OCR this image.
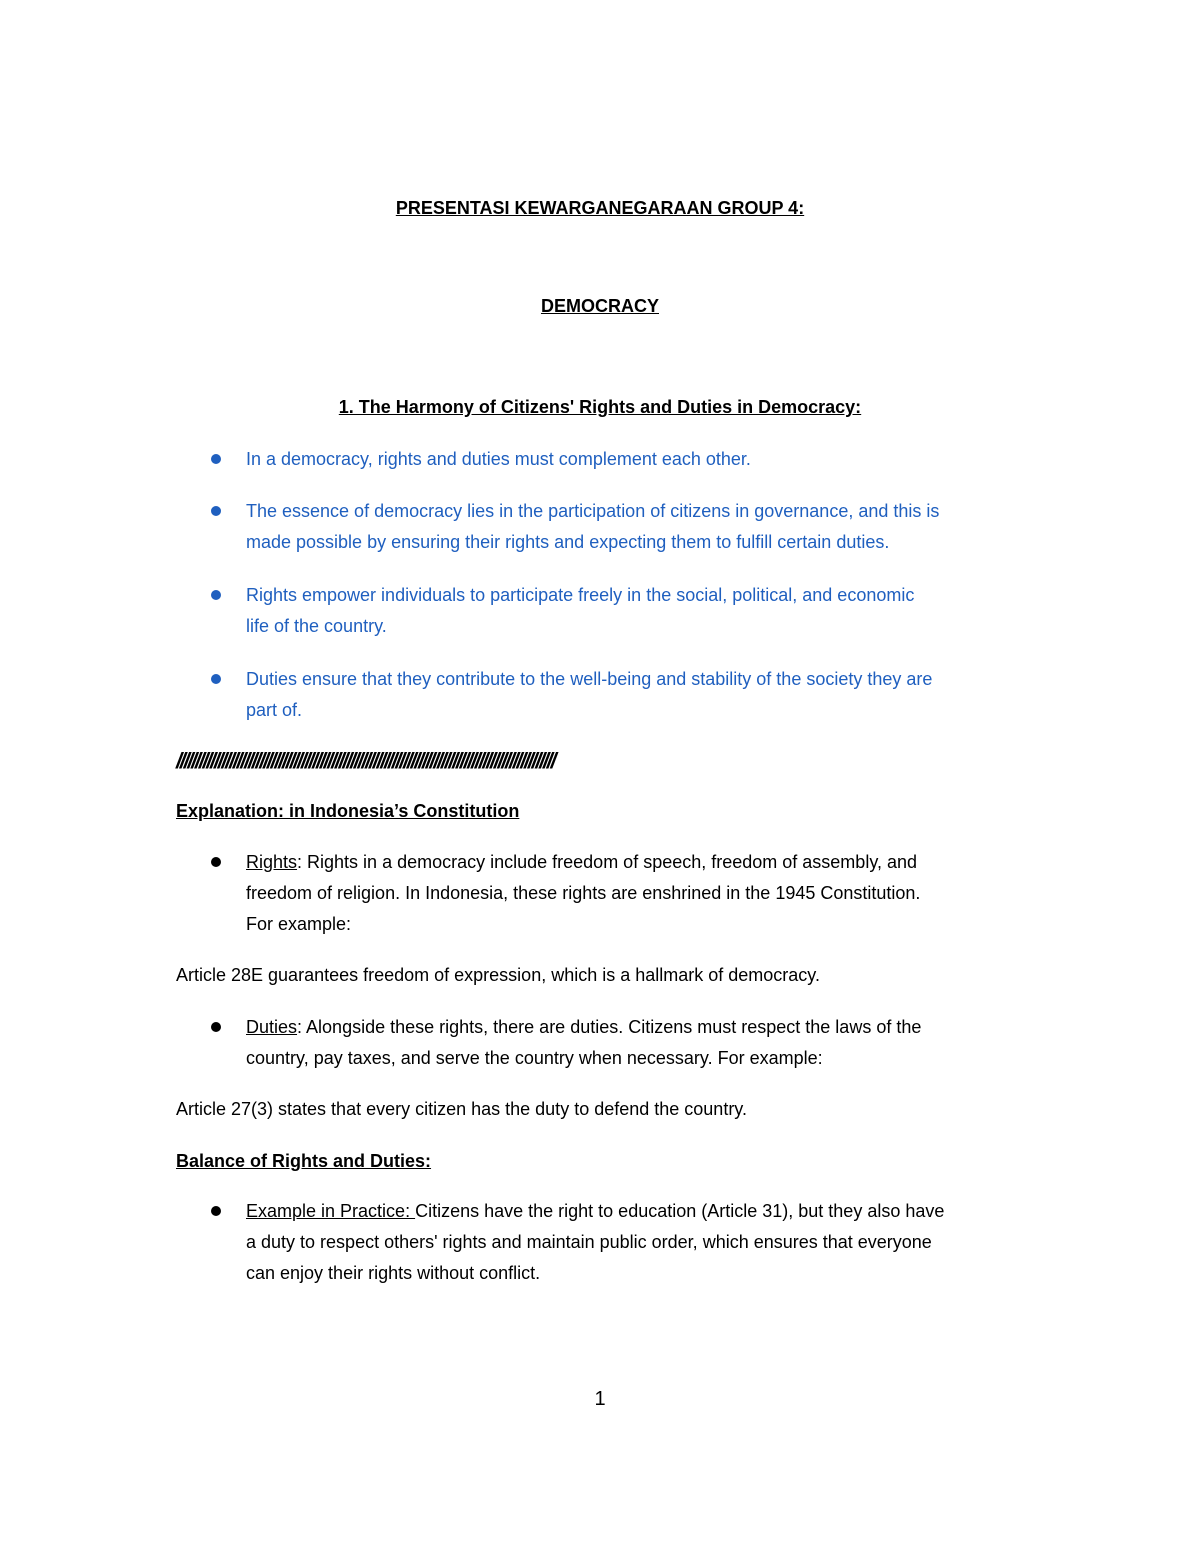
PRESENTASI KEWARGANEGARAAN GROUP 4:
DEMOCRACY
1. The Harmony of Citizens' Rights and Duties in Democracy:
In a democracy, rights and duties must complement each other.
The essence of democracy lies in the participation of citizens in governance, and this is
made possible by ensuring their rights and expecting them to fulfill certain duties.
Rights empower individuals to participate freely in the social, political, and economic
life of the country.
Duties ensure that they contribute to the well-being and stability of the society they are
part of.
////////////////////////////////////////////////////////////////////////////////////////////////////
Explanation: in Indonesia’s Constitution
Rights: Rights in a democracy include freedom of speech, freedom of assembly, and
freedom of religion. In Indonesia, these rights are enshrined in the 1945 Constitution.
For example:
Article 28E guarantees freedom of expression, which is a hallmark of democracy.
Duties: Alongside these rights, there are duties. Citizens must respect the laws of the
country, pay taxes, and serve the country when necessary. For example:
Article 27(3) states that every citizen has the duty to defend the country.
Balance of Rights and Duties:
Example in Practice: Citizens have the right to education (Article 31), but they also have
a duty to respect others' rights and maintain public order, which ensures that everyone
can enjoy their rights without conflict.
1
